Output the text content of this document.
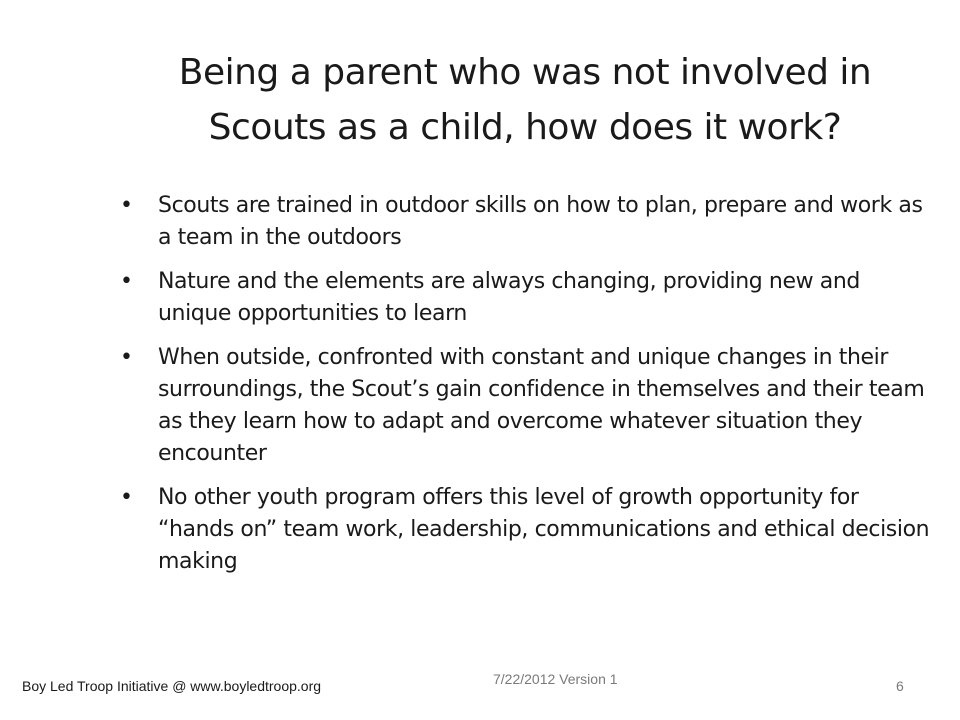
Being a parent who was not involved in Scouts as a child, how does it work?
•	Scouts are trained in outdoor skills on how to plan, prepare and work as a team in the outdoors
•	Nature and the elements are always changing, providing new and unique opportunities to learn
•	When outside, confronted with constant and unique changes in their surroundings, the Scout’s gain confidence in themselves and their team as they learn how to adapt and overcome whatever situation they encounter
•	No other youth program offers this level of growth opportunity for “hands on” team work, leadership, communications and ethical decision making
Boy Led Troop Initiative @ www.boyledtroop.org	7/22/2012 Version 1	6
